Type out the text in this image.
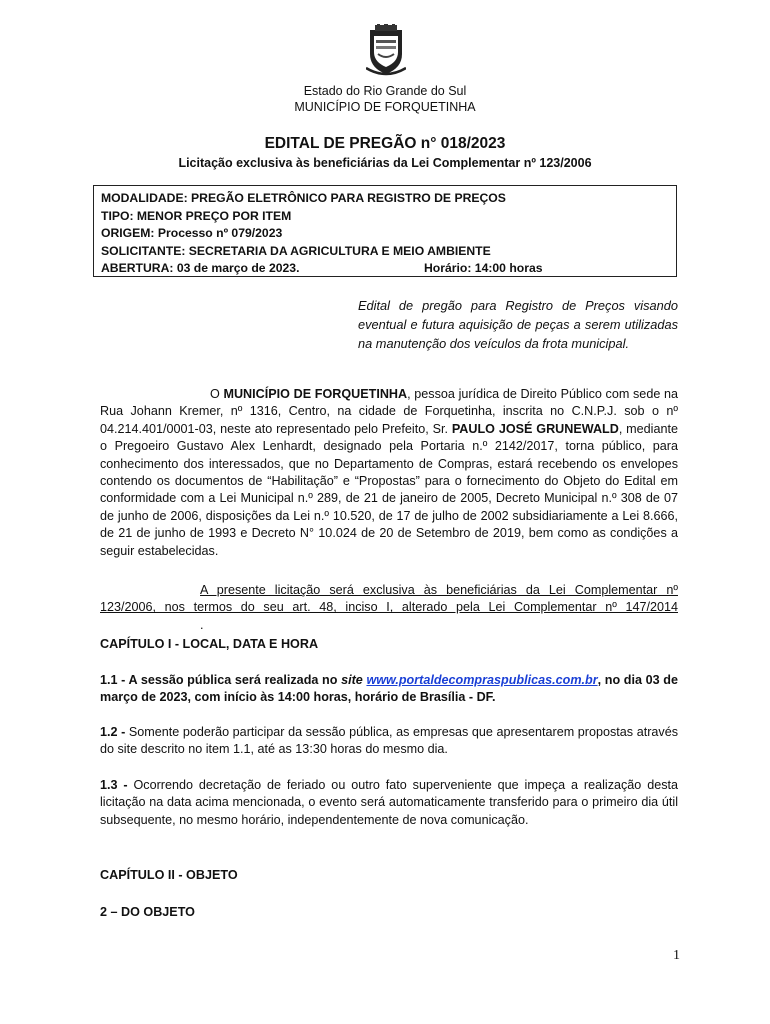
Estado do Rio Grande do Sul
MUNICÍPIO DE FORQUETINHA
EDITAL DE PREGÃO n° 018/2023
Licitação exclusiva às beneficiárias da Lei Complementar nº 123/2006
MODALIDADE: PREGÃO ELETRÔNICO PARA REGISTRO DE PREÇOS
TIPO: MENOR PREÇO POR ITEM
ORIGEM: Processo nº 079/2023
SOLICITANTE: SECRETARIA DA AGRICULTURA E MEIO AMBIENTE
ABERTURA: 03 de março de 2023.	Horário: 14:00 horas
Edital de pregão para Registro de Preços visando eventual e futura aquisição de peças a serem utilizadas na manutenção dos veículos da frota municipal.
O MUNICÍPIO DE FORQUETINHA, pessoa jurídica de Direito Público com sede na Rua Johann Kremer, nº 1316, Centro, na cidade de Forquetinha, inscrita no C.N.P.J. sob o nº 04.214.401/0001-03, neste ato representado pelo Prefeito, Sr. PAULO JOSÉ GRUNEWALD, mediante o Pregoeiro Gustavo Alex Lenhardt, designado pela Portaria n.º 2142/2017, torna público, para conhecimento dos interessados, que no Departamento de Compras, estará recebendo os envelopes contendo os documentos de “Habilitação” e “Propostas” para o fornecimento do Objeto do Edital em conformidade com a Lei Municipal n.º 289, de 21 de janeiro de 2005, Decreto Municipal n.º 308 de 07 de junho de 2006, disposições da Lei n.º 10.520, de 17 de julho de 2002 subsidiariamente a Lei 8.666, de 21 de junho de 1993 e Decreto N° 10.024 de 20 de Setembro de 2019, bem como as condições a seguir estabelecidas.
A presente licitação será exclusiva às beneficiárias da Lei Complementar nº 123/2006, nos termos do seu art. 48, inciso I, alterado pela Lei Complementar nº 147/2014.
CAPÍTULO I - LOCAL, DATA E HORA
1.1 - A sessão pública será realizada no site www.portaldecompraspublicas.com.br, no dia 03 de março de 2023, com início às 14:00 horas, horário de Brasília - DF.
1.2 - Somente poderão participar da sessão pública, as empresas que apresentarem propostas através do site descrito no item 1.1, até as 13:30 horas do mesmo dia.
1.3 - Ocorrendo decretação de feriado ou outro fato superveniente que impeça a realização desta licitação na data acima mencionada, o evento será automaticamente transferido para o primeiro dia útil subsequente, no mesmo horário, independentemente de nova comunicação.
CAPÍTULO II - OBJETO
2 – DO OBJETO
1
